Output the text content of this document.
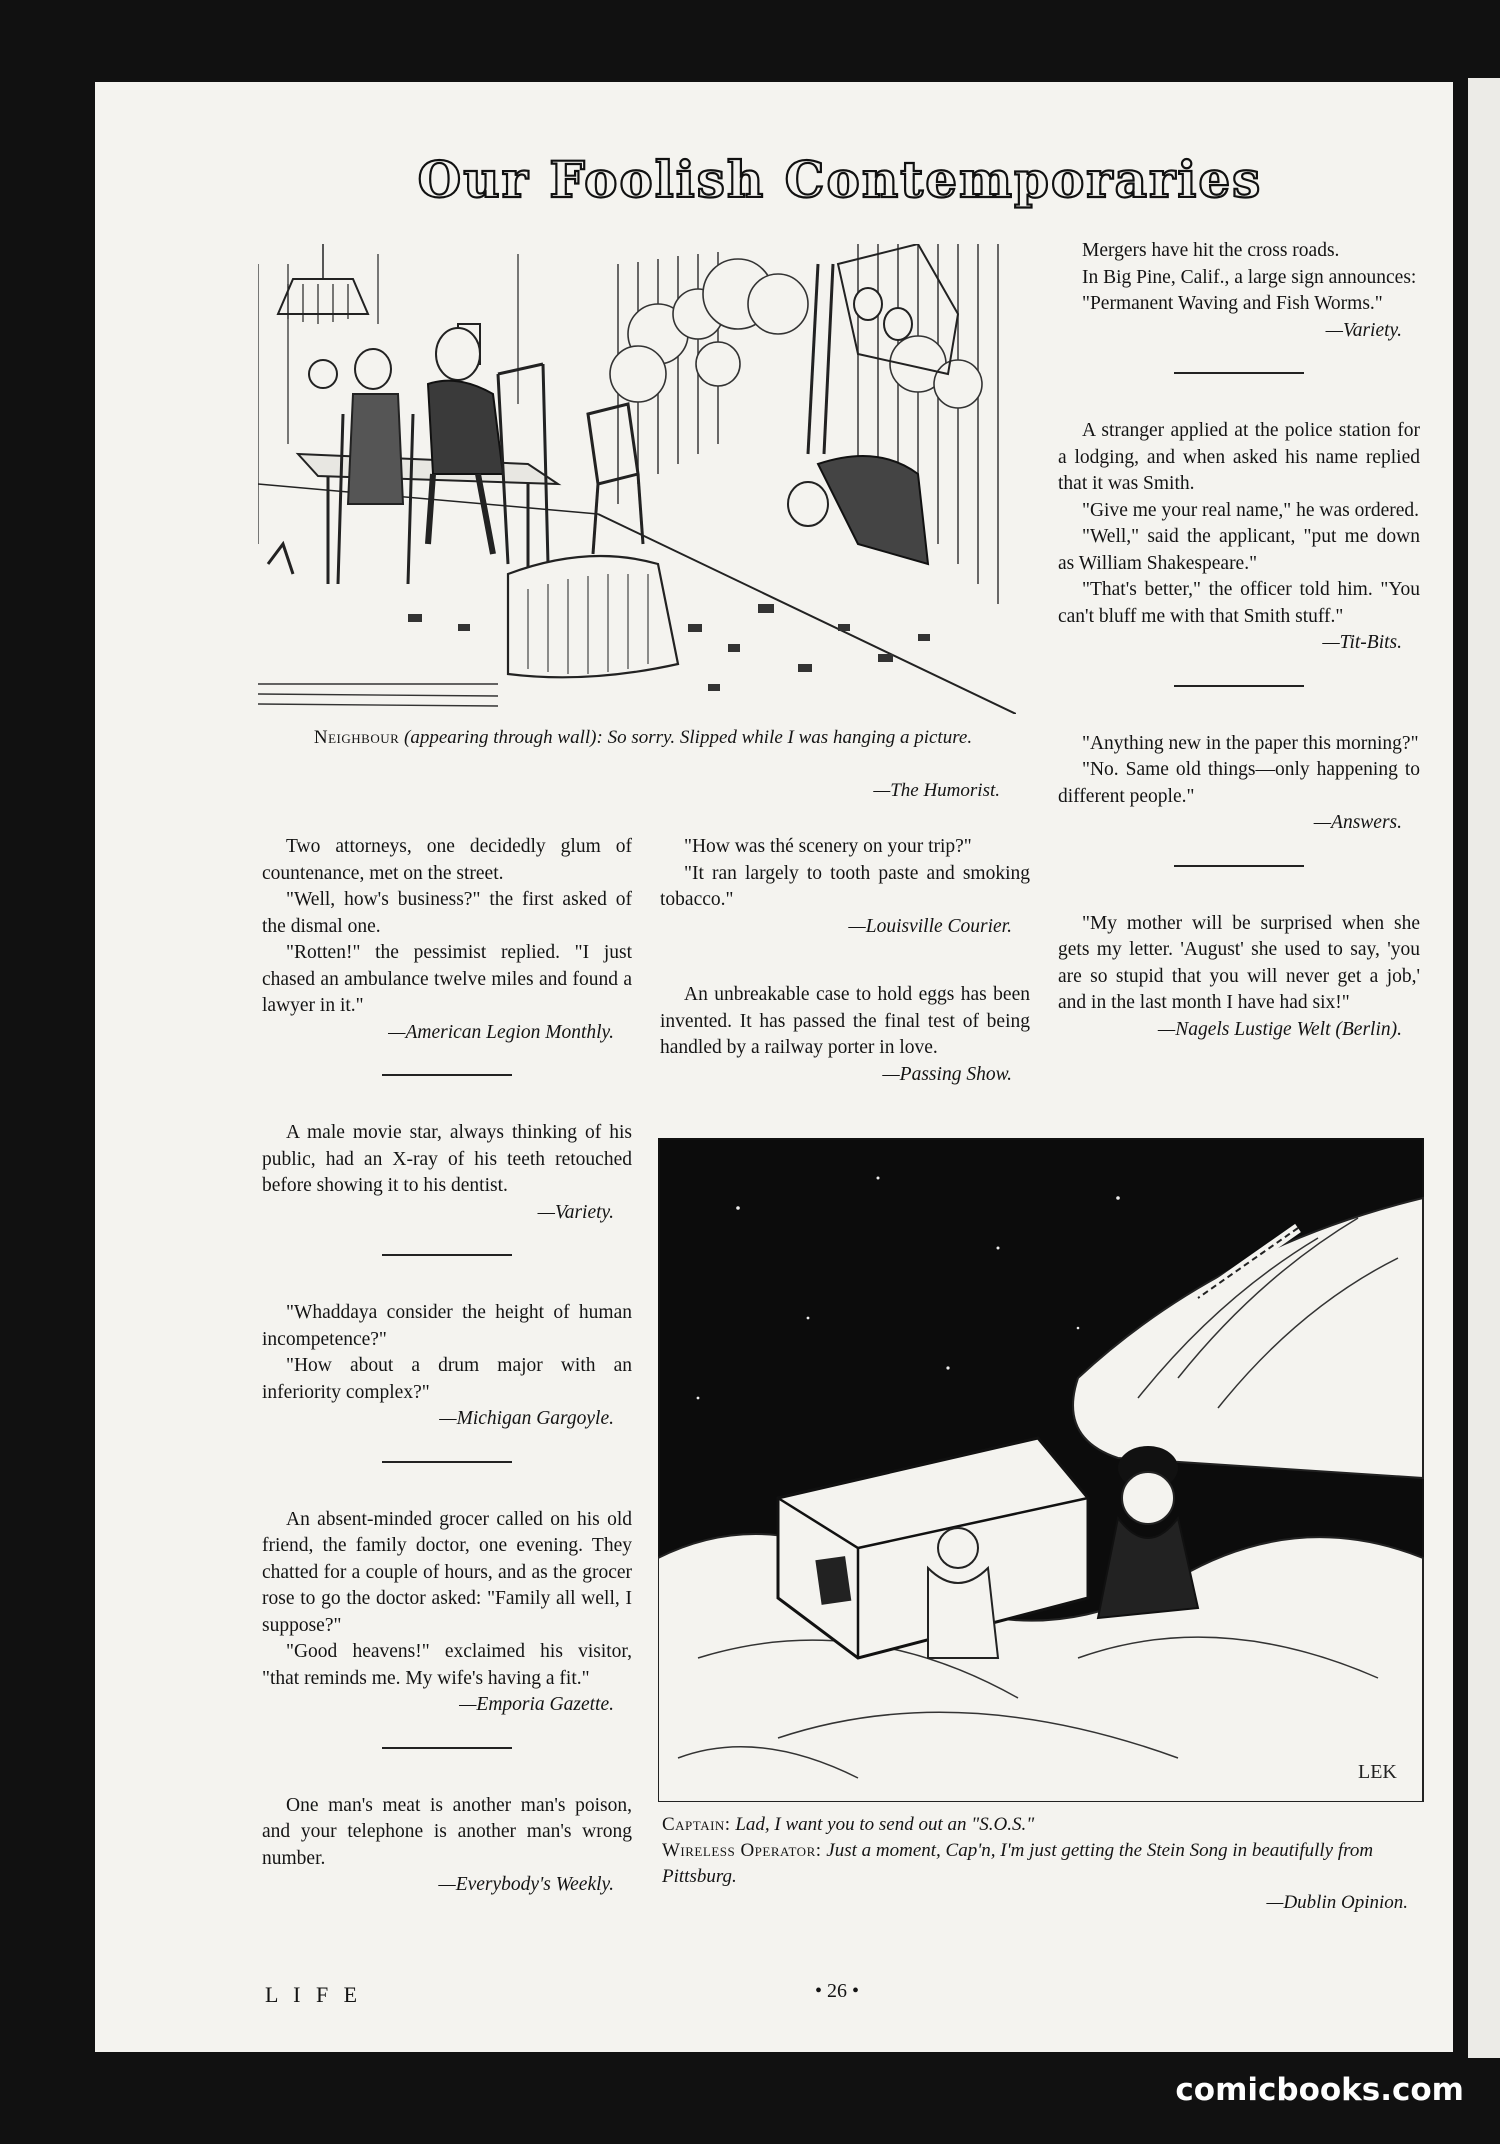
Our Foolish Contemporaries
Neighbour (appearing through wall): So sorry. Slipped while I was hanging a picture.
—The Humorist.

Two attorneys, one decidedly glum of countenance, met on the street.

"Well, how's business?" the first asked of the dismal one.

"Rotten!" the pessimist replied. "I just chased an ambulance twelve miles and found a lawyer in it."

—American Legion Monthly.

A male movie star, always thinking of his public, had an X-ray of his teeth retouched before showing it to his dentist.

—Variety.

"Whaddaya consider the height of human incompetence?"

"How about a drum major with an inferiority complex?"

—Michigan Gargoyle.

An absent-minded grocer called on his old friend, the family doctor, one evening. They chatted for a couple of hours, and as the grocer rose to go the doctor asked: "Family all well, I suppose?"

"Good heavens!" exclaimed his visitor, "that reminds me. My wife's having a fit."

—Emporia Gazette.

One man's meat is another man's poison, and your telephone is another man's wrong number.

—Everybody's Weekly.

"How was thé scenery on your trip?"

"It ran largely to tooth paste and smoking tobacco."

—Louisville Courier.

An unbreakable case to hold eggs has been invented. It has passed the final test of being handled by a railway porter in love.

—Passing Show.

Mergers have hit the cross roads.

In Big Pine, Calif., a large sign announces:

"Permanent Waving and Fish Worms."

—Variety.

A stranger applied at the police station for a lodging, and when asked his name replied that it was Smith.

"Give me your real name," he was ordered.

"Well," said the applicant, "put me down as William Shakespeare."

"That's better," the officer told him. "You can't bluff me with that Smith stuff."

—Tit-Bits.

"Anything new in the paper this morning?"

"No. Same old things—only happening to different people."

—Answers.

"My mother will be surprised when she gets my letter. 'August' she used to say, 'you are so stupid that you will never get a job,' and in the last month I have had six!"

—Nagels Lustige Welt (Berlin).
LEK
Captain: Lad, I want you to send out an "S.O.S."
Wireless Operator: Just a moment, Cap'n, I'm just getting the Stein Song in beautifully from Pittsburg.
—Dublin Opinion.
L I F E	• 26 •
comicbooks.com
